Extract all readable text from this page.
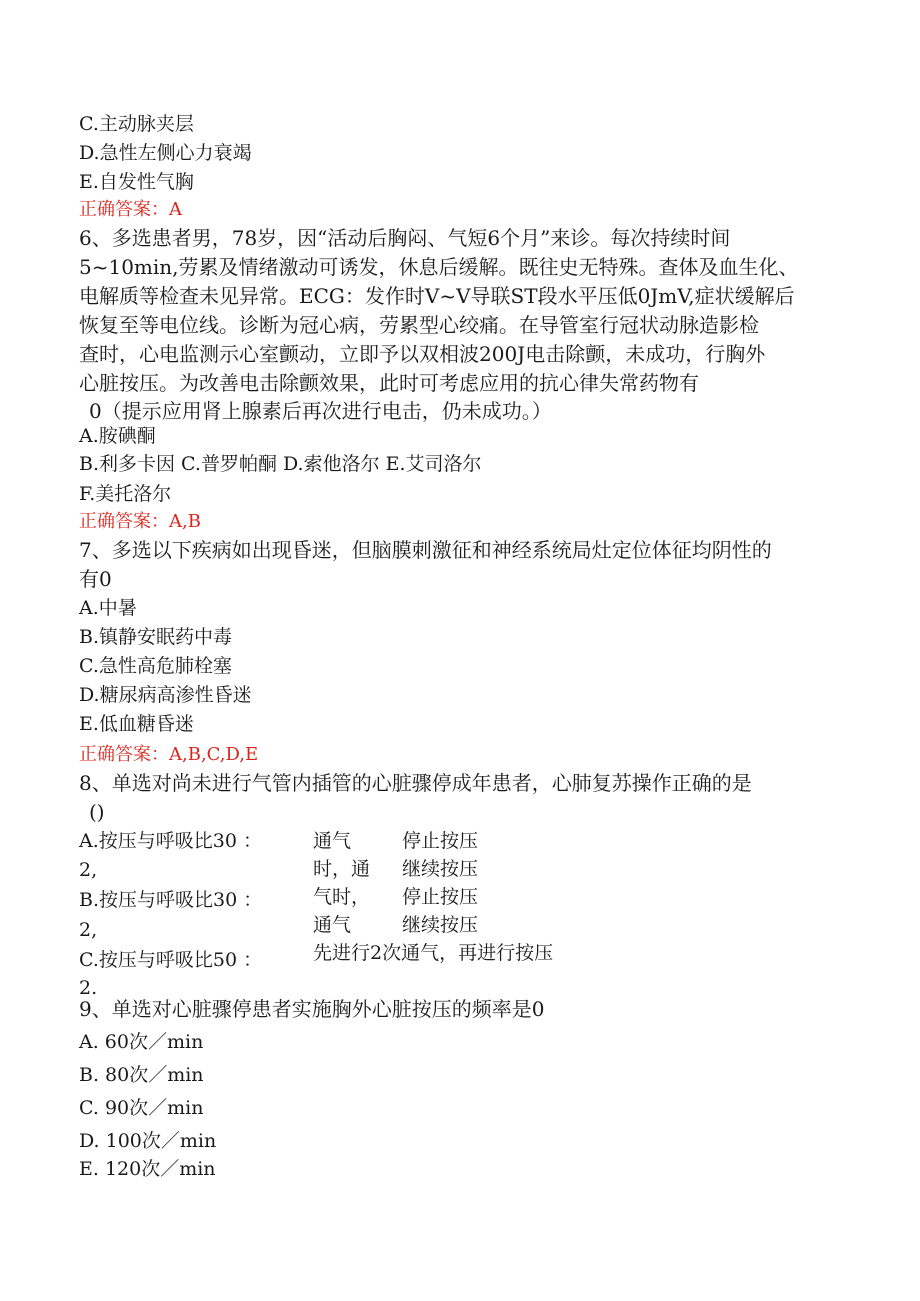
C.主动脉夹层
D.急性左侧心力衰竭
E.自发性气胸
正确答案：A
6、多选患者男，78岁，因“活动后胸闷、气短6个月”来诊。每次持续时间
5~10min,劳累及情绪激动可诱发，休息后缓解。既往史无特殊。查体及血生化、
电解质等检查未见异常。ECG：发作时V~V导联ST段水平压低0JmV,症状缓解后
恢复至等电位线。诊断为冠心病，劳累型心绞痛。在导管室行冠状动脉造影检
查时，心电监测示心室颤动，立即予以双相波200J电击除颤，未成功，行胸外
心脏按压。为改善电击除颤效果，此时可考虑应用的抗心律失常药物有
0（提示应用肾上腺素后再次进行电击，仍未成功。）
A.胺碘酮
B.利多卡因 C.普罗帕酮 D.索他洛尔 E.艾司洛尔
F.美托洛尔
正确答案：A,B
7、多选以下疾病如出现昏迷，但脑膜刺激征和神经系统局灶定位体征均阴性的
有0
A.中暑
B.镇静安眠药中毒
C.急性高危肺栓塞
D.糖尿病高渗性昏迷
E.低血糖昏迷
正确答案：A,B,C,D,E
8、单选对尚未进行气管内插管的心脏骤停成年患者，心肺复苏操作正确的是
()
A.按压与呼吸比30 ：
2,
B.按压与呼吸比30 ：
2,
C.按压与呼吸比50 ：
2.
通气
时，通
气时，
通气
先进行2次通气，再进行按压
停止按压
继续按压
停止按压
继续按压
9、单选对心脏骤停患者实施胸外心脏按压的频率是0
A. 60次／min
B. 80次／min
C. 90次／min
D. 100次／min
E. 120次／min
